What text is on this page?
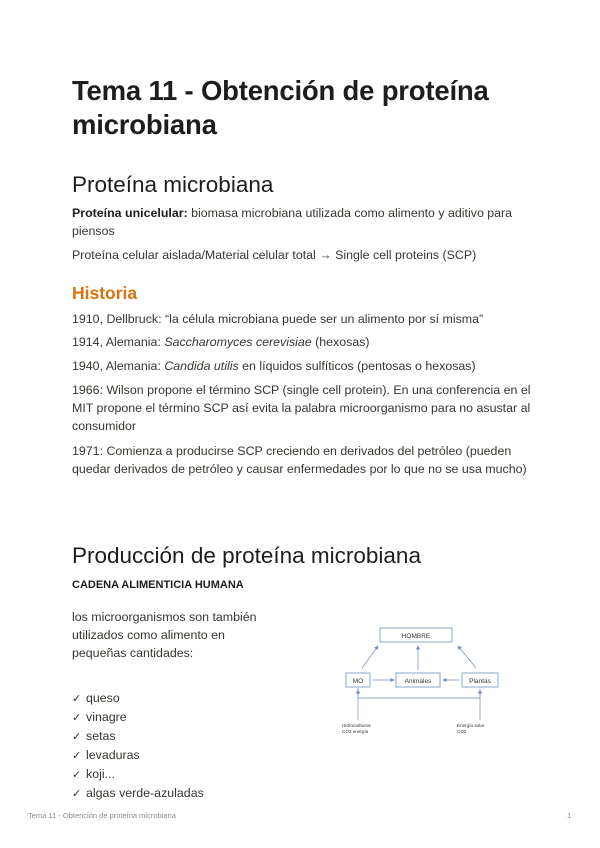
Tema 11 - Obtención de proteína microbiana
Proteína microbiana

Proteína unicelular: biomasa microbiana utilizada como alimento y aditivo para piensos

Proteína celular aislada/Material celular total → Single cell proteins (SCP)

Historia

1910, Dellbruck: “la célula microbiana puede ser un alimento por sí misma”

1914, Alemania: Saccharomyces cerevisiae (hexosas)

1940, Alemania: Candida utilis en líquidos sulfíticos (pentosas o hexosas)

1966: Wilson propone el término SCP (single cell protein). En una conferencia en el MIT propone el término SCP así evita la palabra microorganismo para no asustar al consumidor

1971: Comienza a producirse SCP creciendo en derivados del petróleo (pueden quedar derivados de petróleo y causar enfermedades por lo que no se usa mucho)

Producción de proteína microbiana

CADENA ALIMENTICIA HUMANA

los microorganismos son también
utilizados como alimento en
pequeñas cantidades:

✓ queso
✓ vinagre
✓ setas
✓ levaduras
✓ koji...
✓ algas verde-azuladas
HOMBRE
MO	Animales	Plantas
Hidrocarburos
CO2 energía
Energía solar
CO2
Tema 11 - Obtención de proteína microbiana	1
